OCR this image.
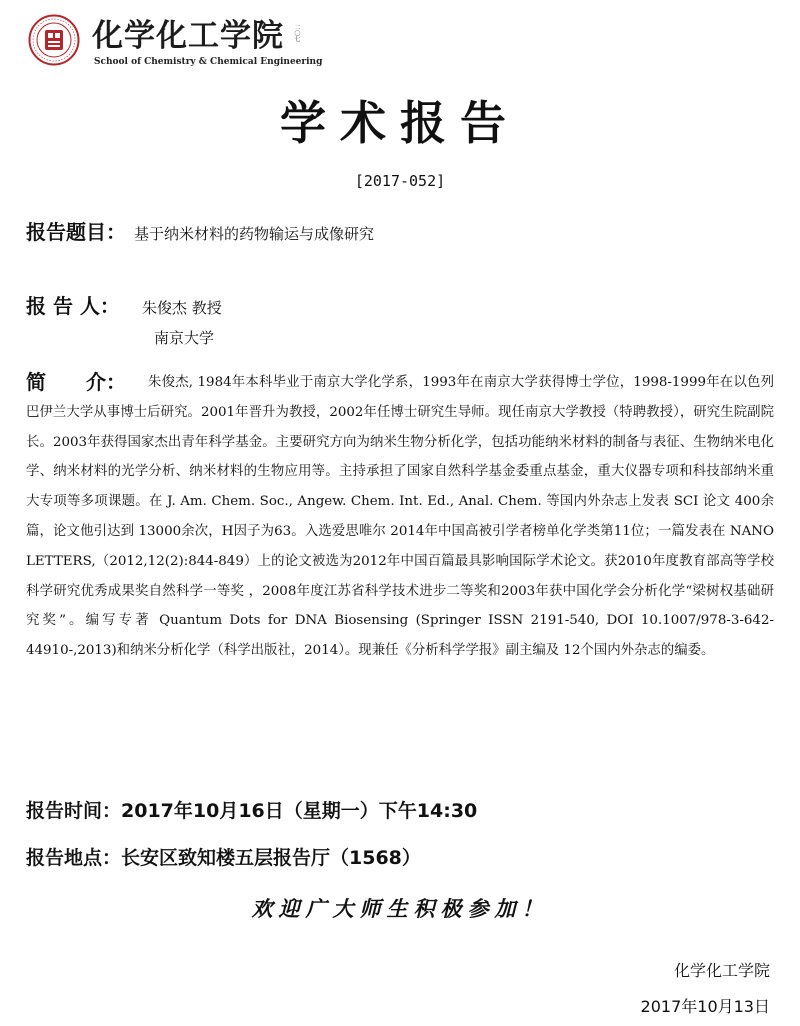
化学化工学院 二〇七
School of Chemistry & Chemical Engineering
学术报告
[2017-052]
报告题目： 基于纳米材料的药物输运与成像研究
报 告 人： 朱俊杰 教授
南京大学
简　　介：	朱俊杰, 1984年本科毕业于南京大学化学系，1993年在南京大学获得博士学位，1998-1999年在以色列巴伊兰大学从事博士后研究。2001年晋升为教授，2002年任博士研究生导师。现任南京大学教授（特聘教授），研究生院副院长。2003年获得国家杰出青年科学基金。主要研究方向为纳米生物分析化学，包括功能纳米材料的制备与表征、生物纳米电化学、纳米材料的光学分析、纳米材料的生物应用等。主持承担了国家自然科学基金委重点基金，重大仪器专项和科技部纳米重大专项等多项课题。在 J. Am. Chem. Soc., Angew. Chem. Int. Ed., Anal. Chem. 等国内外杂志上发表 SCI 论文 400余篇，论文他引达到 13000余次，H因子为63。入选爱思唯尔 2014年中国高被引学者榜单化学类第11位；一篇发表在 NANO LETTERS,（2012,12(2):844-849）上的论文被选为2012年中国百篇最具影响国际学术论文。获2010年度教育部高等学校科学研究优秀成果奖自然科学一等奖 ，2008年度江苏省科学技术进步二等奖和2003年获中国化学会分析化学“梁树权基础研究奖”。编写专著 Quantum Dots for DNA Biosensing (Springer ISSN 2191-540, DOI 10.1007/978-3-642-44910-,2013)和纳米分析化学（科学出版社，2014）。现兼任《分析科学学报》副主编及 12个国内外杂志的编委。
报告时间：2017年10月16日（星期一）下午14:30
报告地点：长安区致知楼五层报告厅（1568）
欢迎广大师生积极参加！
化学化工学院
2017年10月13日
